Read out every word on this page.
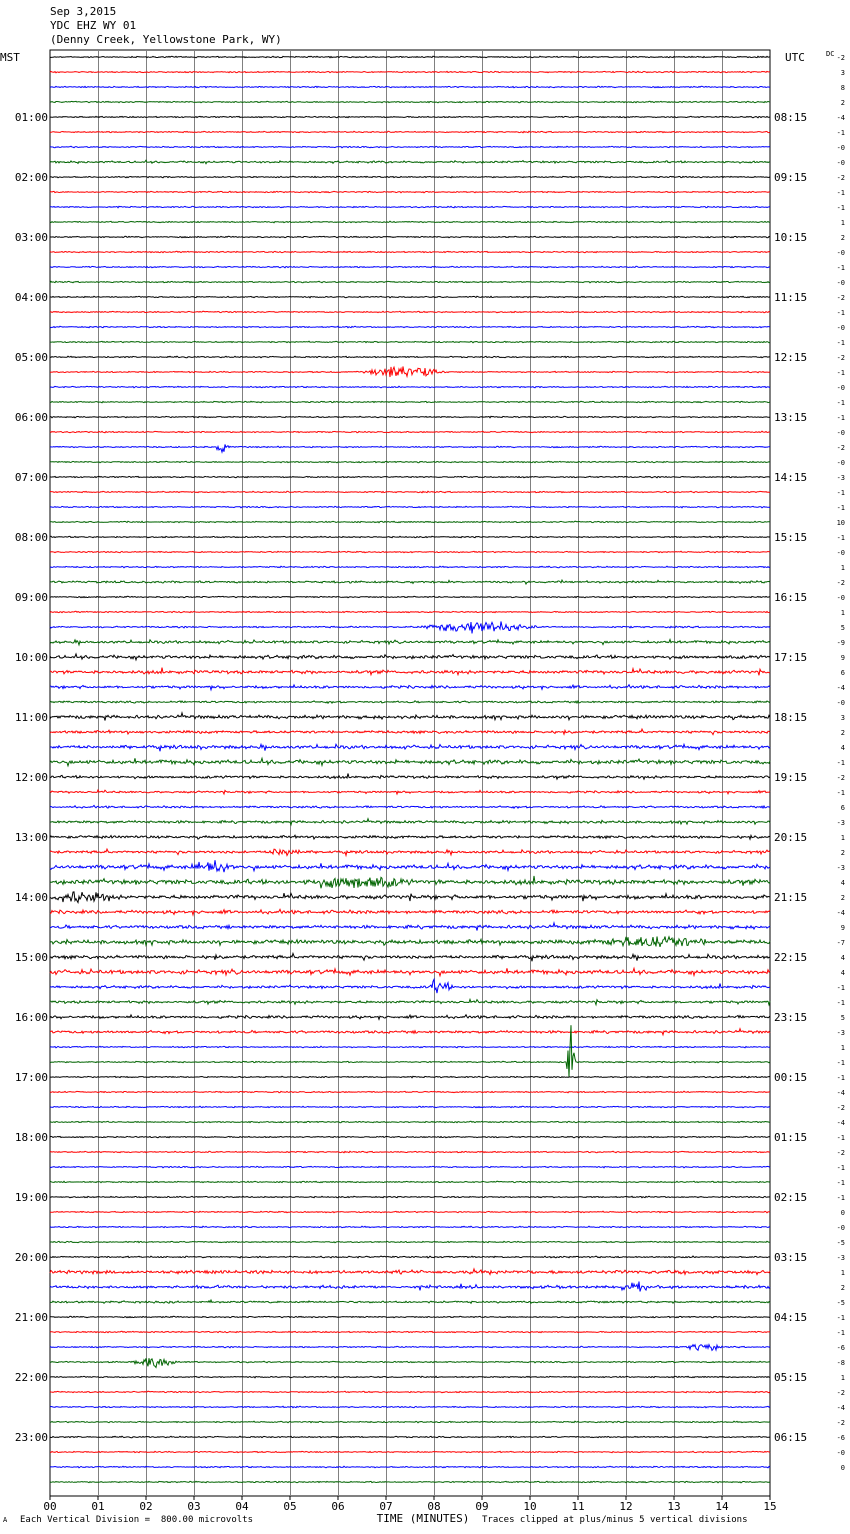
Sep 3,2015
YDC EHZ WY 01
(Denny Creek, Yellowstone Park, WY)
01:00
02:00
03:00
04:00
05:00
06:00
07:00
08:00
09:00
10:00
11:00
12:00
13:00
14:00
15:00
16:00
17:00
18:00
19:00
20:00
21:00
22:00
23:00
08:15
09:15
10:15
11:15
12:15
13:15
14:15
15:15
16:15
17:15
18:15
19:15
20:15
21:15
22:15
23:15
00:15
01:15
02:15
03:15
04:15
05:15
06:15
MST	UTC	DC -2
3
8
2
-4
-1
-0
-0
-2
-1
-1
1
2
-0
-1
-0
-2
-1
-0
-1
-2
-1
-0
-1
-1
-0
-2
-0
-3
-1
-1
10
-1
-0
1
-2
-0
1
5
-9
9
6
-4
-0
3
2
4
-1
-2
-1
6
-3
1
2
-3
4
2
-4
9
-7
4
4
-1
-1
5
-3
1
-1
-1
-4
-2
-4
-1
-2
-1
-1
-1
0
-0
-5
-3
1
2
-5
-1
-1
-6
-8
1
-2
-4
-2
-6
-0
0
00	01	02	03	04	05	06	07	08	09	10	11	12	13	14	15
TIME (MINUTES)
A Each Vertical Division =  800.00 microvolts	Traces clipped at plus/minus 5 vertical divisions
